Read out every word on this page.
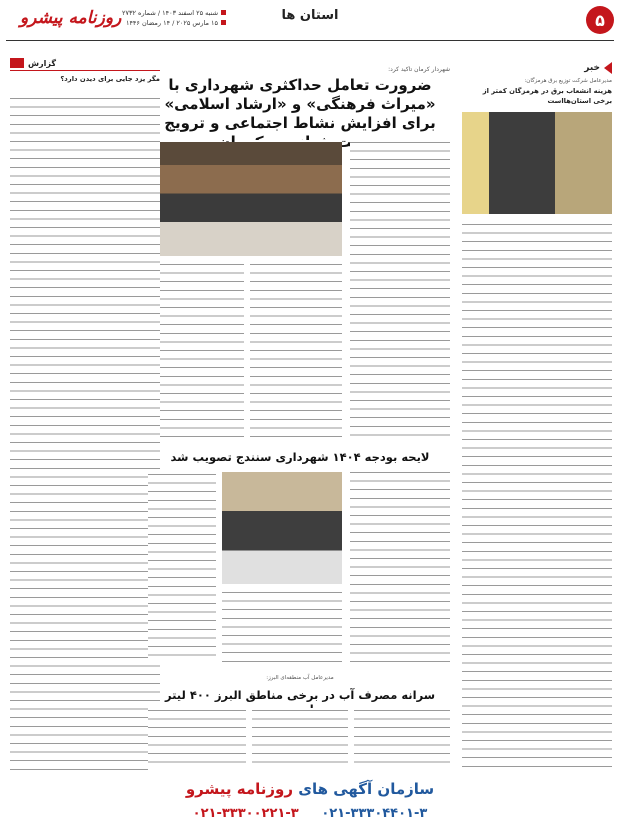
۵
استان ها
شنبه ۲۵ اسفند ۱۴۰۳ / شماره ۲۷۳۲
۱۵ مارس ۲۰۲۵ / ۱۴ رمضان ۱۴۴۶
روزنامه پیشرو
خبر
مدیرعامل شرکت توزیع برق هرمزگان:
هزینه انشعاب برق در هرمزگان کمتر از برخی استان‌هااست
شهردار کرمان تاکید کرد:
ضرورت تعامل حداکثری شهرداری با «میراث فرهنگی» و «ارشاد اسلامی» برای افزایش نشاط اجتماعی و ترویج
گزارش
مگر یزد جایی برای دیدن دارد؟
لایحه بودجه ۱۴۰۴ شهرداری سنندج تصویب شد
مدیرعامل آب منطقه‌ای البرز:
سرانه مصرف آب در برخی مناطق البرز ۴۰۰ لیتر
سازمان آگهی های روزنامه پیشرو
۰۲۱-۳۳۳۰۰۲۲۱-۳ ۰۲۱-۳۳۳۰۴۴۰۱-۳
